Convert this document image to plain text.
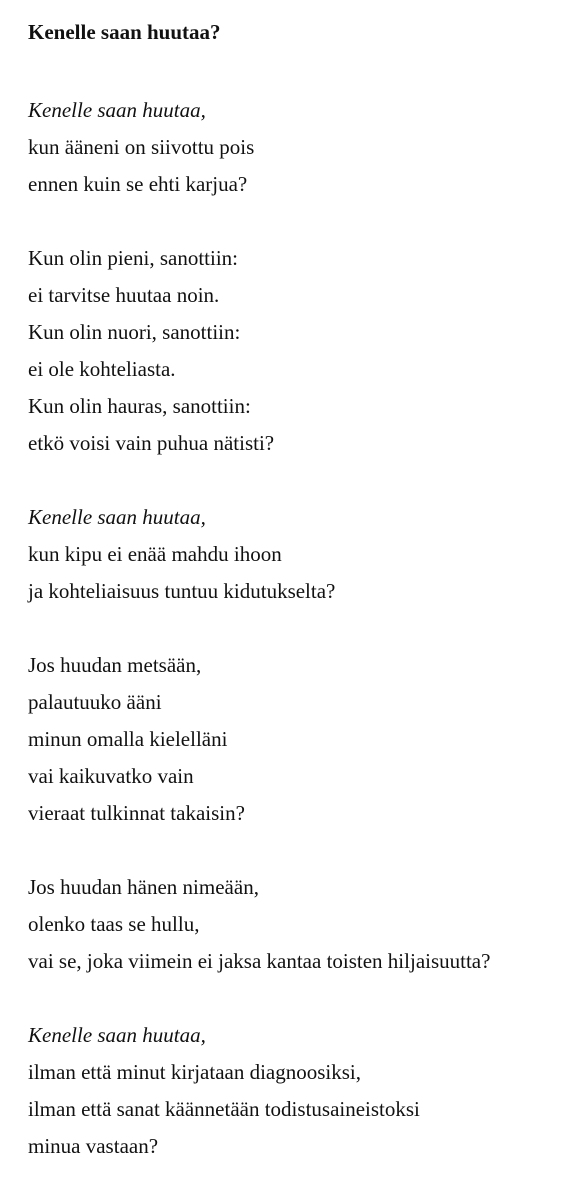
Kenelle saan huutaa?
Kenelle saan huutaa,
kun ääneni on siivottu pois
ennen kuin se ehti karjua?
Kun olin pieni, sanottiin:
ei tarvitse huutaa noin.
Kun olin nuori, sanottiin:
ei ole kohteliasta.
Kun olin hauras, sanottiin:
etkö voisi vain puhua nätisti?
Kenelle saan huutaa,
kun kipu ei enää mahdu ihoon
ja kohteliaisuus tuntuu kidutukselta?
Jos huudan metsään,
palautuuko ääni
minun omalla kielelläni
vai kaikuvatko vain
vieraat tulkinnat takaisin?
Jos huudan hänen nimeään,
olenko taas se hullu,
vai se, joka viimein ei jaksa kantaa toisten hiljaisuutta?
Kenelle saan huutaa,
ilman että minut kirjataan diagnoosiksi,
ilman että sanat käännetään todistusaineistoksi
minua vastaan?
